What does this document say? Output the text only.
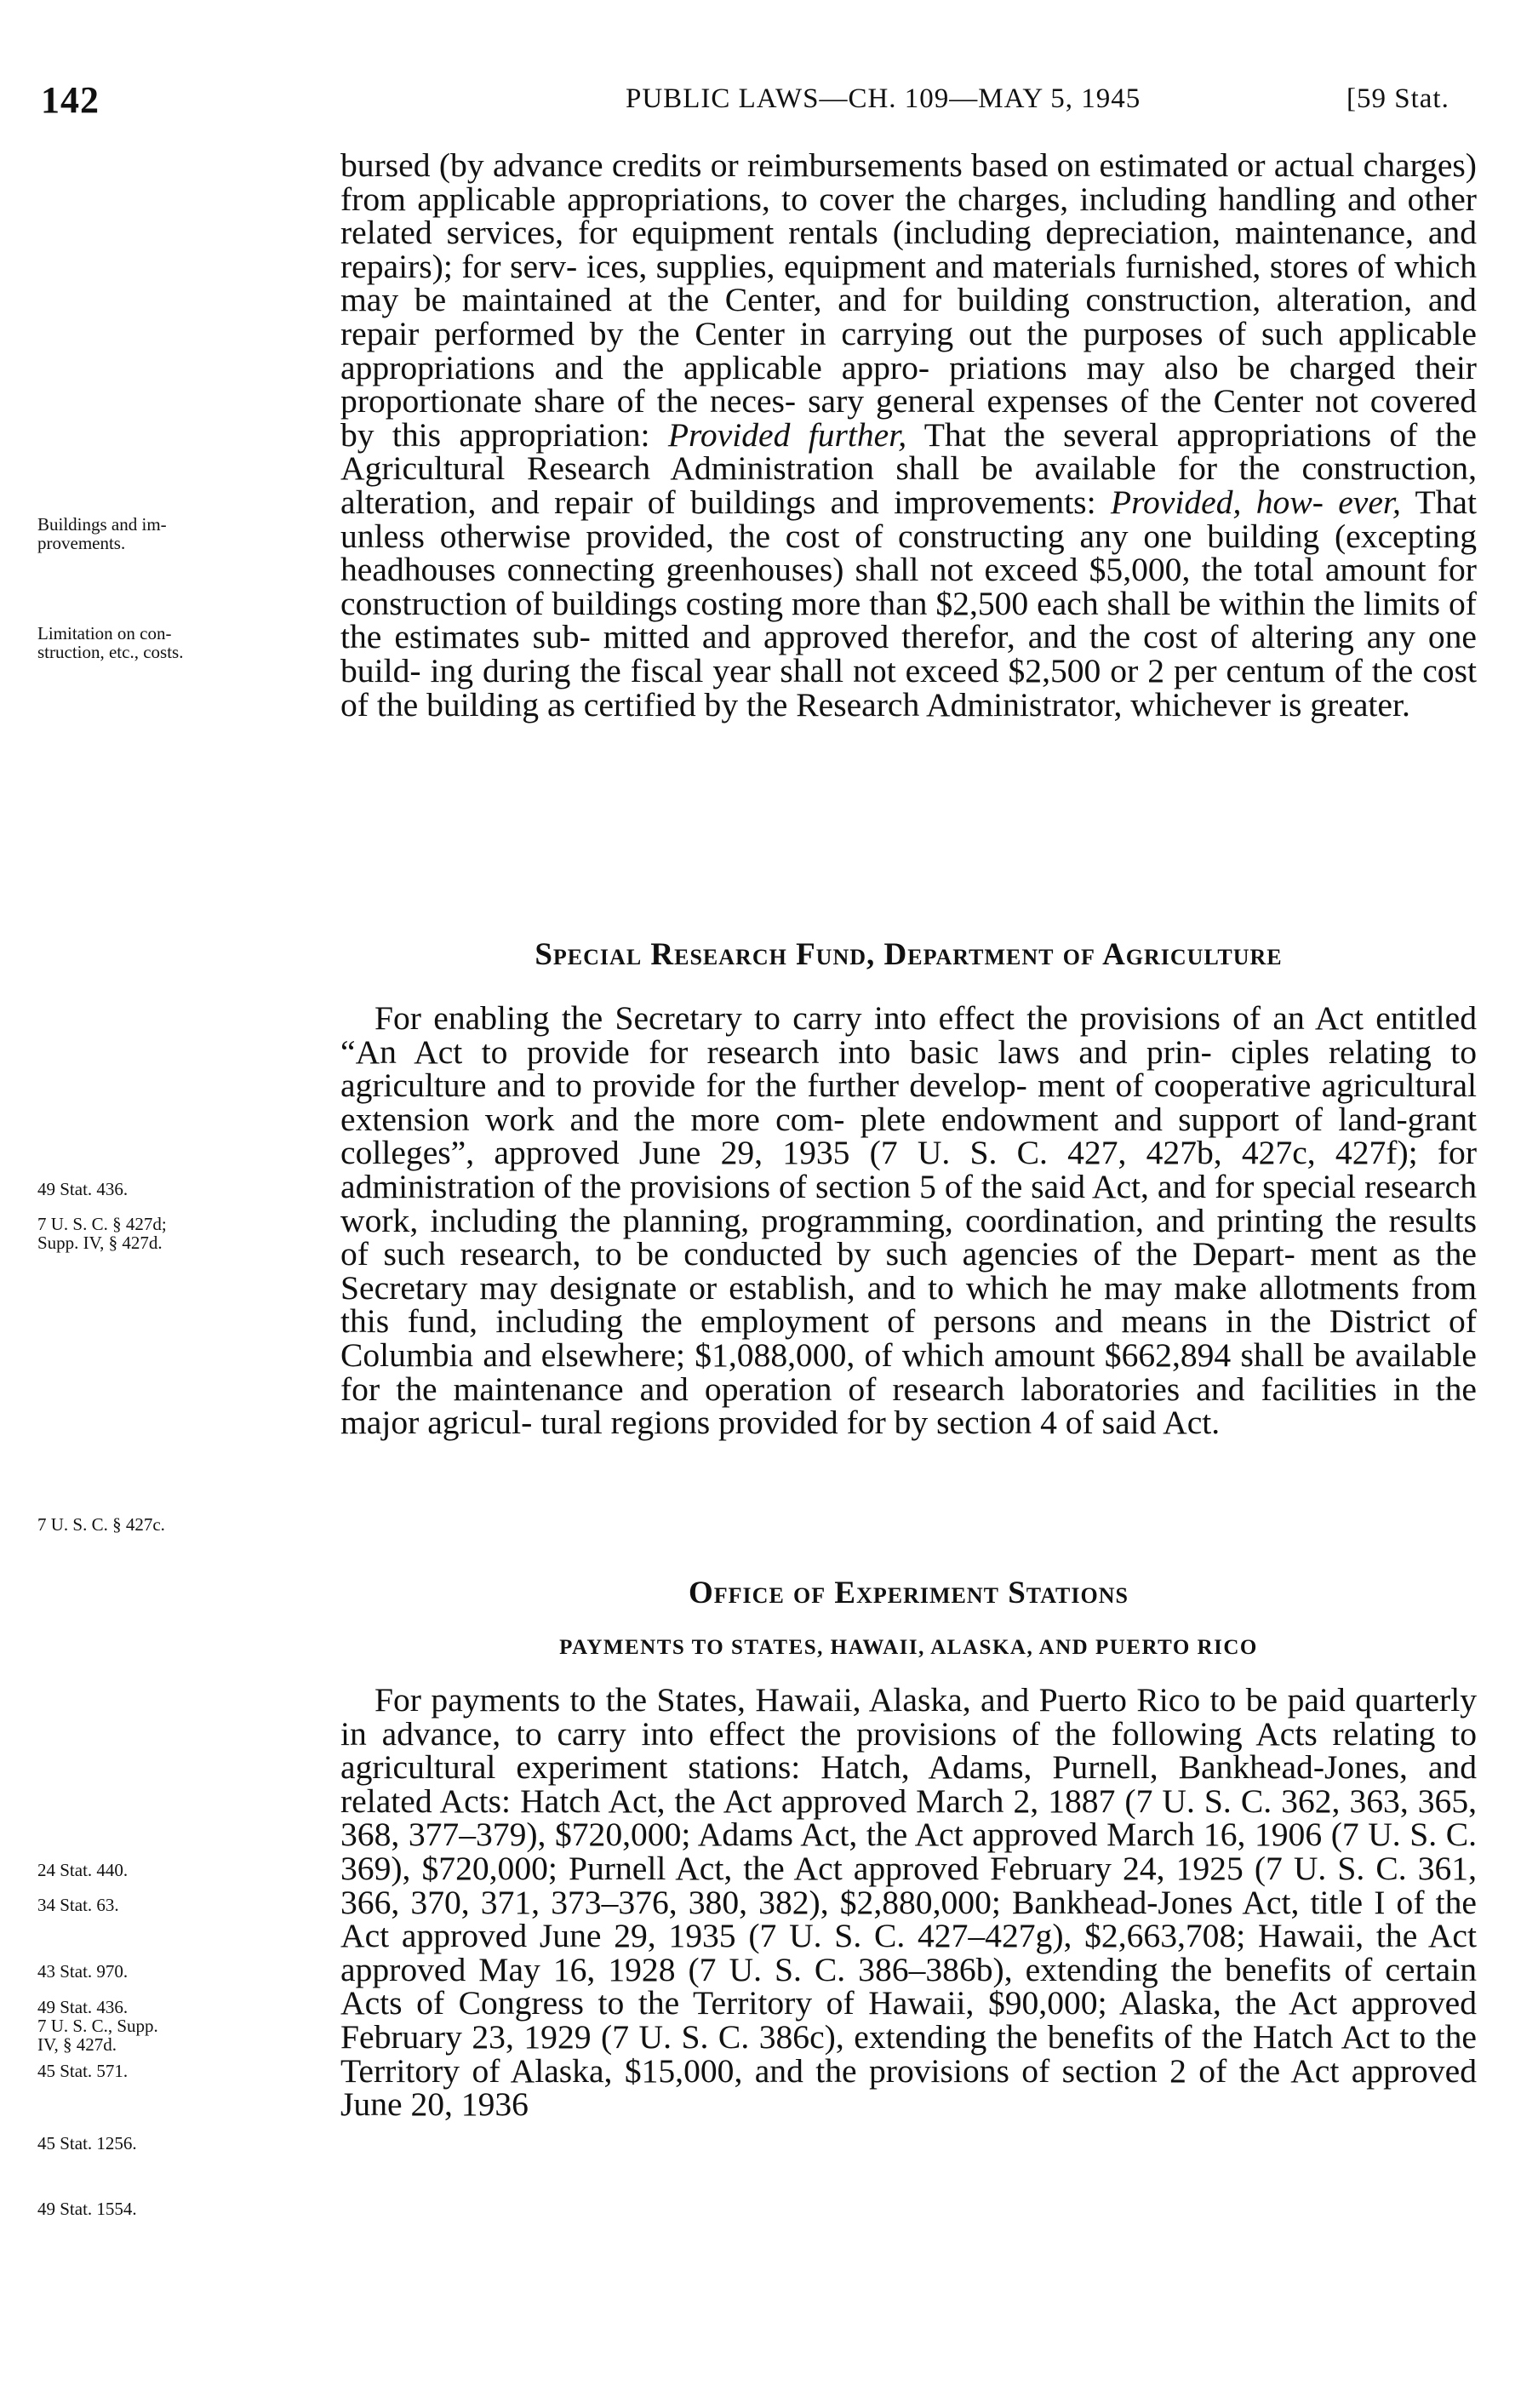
142	PUBLIC LAWS—CH. 109—MAY 5, 1945	[59 Stat.

bursed (by advance credits or reimbursements based on estimated or actual charges) from applicable appropriations, to cover the charges, including handling and other related services, for equipment rentals (including depreciation, maintenance, and repairs); for serv- ices, supplies, equipment and materials furnished, stores of which may be maintained at the Center, and for building construction, alteration, and repair performed by the Center in carrying out the purposes of such applicable appropriations and the applicable appro- priations may also be charged their proportionate share of the neces- sary general expenses of the Center not covered by this appropriation: Provided further, That the several appropriations of the Agricultural Research Administration shall be available for the construction, alteration, and repair of buildings and improvements: Provided, how- ever, That unless otherwise provided, the cost of constructing any one building (excepting headhouses connecting greenhouses) shall not exceed $5,000, the total amount for construction of buildings costing more than $2,500 each shall be within the limits of the estimates sub- mitted and approved therefor, and the cost of altering any one build- ing during the fiscal year shall not exceed $2,500 or 2 per centum of the cost of the building as certified by the Research Administrator, whichever is greater.

Special Research Fund, Department of Agriculture

For enabling the Secretary to carry into effect the provisions of an Act entitled “An Act to provide for research into basic laws and prin- ciples relating to agriculture and to provide for the further develop- ment of cooperative agricultural extension work and the more com- plete endowment and support of land-grant colleges”, approved June 29, 1935 (7 U. S. C. 427, 427b, 427c, 427f); for administration of the provisions of section 5 of the said Act, and for special research work, including the planning, programming, coordination, and printing the results of such research, to be conducted by such agencies of the Depart- ment as the Secretary may designate or establish, and to which he may make allotments from this fund, including the employment of persons and means in the District of Columbia and elsewhere; $1,088,000, of which amount $662,894 shall be available for the maintenance and operation of research laboratories and facilities in the major agricul- tural regions provided for by section 4 of said Act.

Office of Experiment Stations
PAYMENTS TO STATES, HAWAII, ALASKA, AND PUERTO RICO

For payments to the States, Hawaii, Alaska, and Puerto Rico to be paid quarterly in advance, to carry into effect the provisions of the following Acts relating to agricultural experiment stations: Hatch, Adams, Purnell, Bankhead-Jones, and related Acts: Hatch Act, the Act approved March 2, 1887 (7 U. S. C. 362, 363, 365, 368, 377–379), $720,000; Adams Act, the Act approved March 16, 1906 (7 U. S. C. 369), $720,000; Purnell Act, the Act approved February 24, 1925 (7 U. S. C. 361, 366, 370, 371, 373–376, 380, 382), $2,880,000; Bankhead-Jones Act, title I of the Act approved June 29, 1935 (7 U. S. C. 427–427g), $2,663,708; Hawaii, the Act approved May 16, 1928 (7 U. S. C. 386–386b), extending the benefits of certain Acts of Congress to the Territory of Hawaii, $90,000; Alaska, the Act approved February 23, 1929 (7 U. S. C. 386c), extending the benefits of the Hatch Act to the Territory of Alaska, $15,000, and the provisions of section 2 of the Act approved June 20, 1936

Buildings and im-
provements.
Limitation on con-
struction, etc., costs.
49 Stat. 436.
7 U. S. C. § 427d;
Supp. IV, § 427d.
7 U. S. C. § 427c.
24 Stat. 440.
34 Stat. 63.
43 Stat. 970.
49 Stat. 436.
7 U. S. C., Supp.
IV, § 427d.
45 Stat. 571.
45 Stat. 1256.
49 Stat. 1554.
